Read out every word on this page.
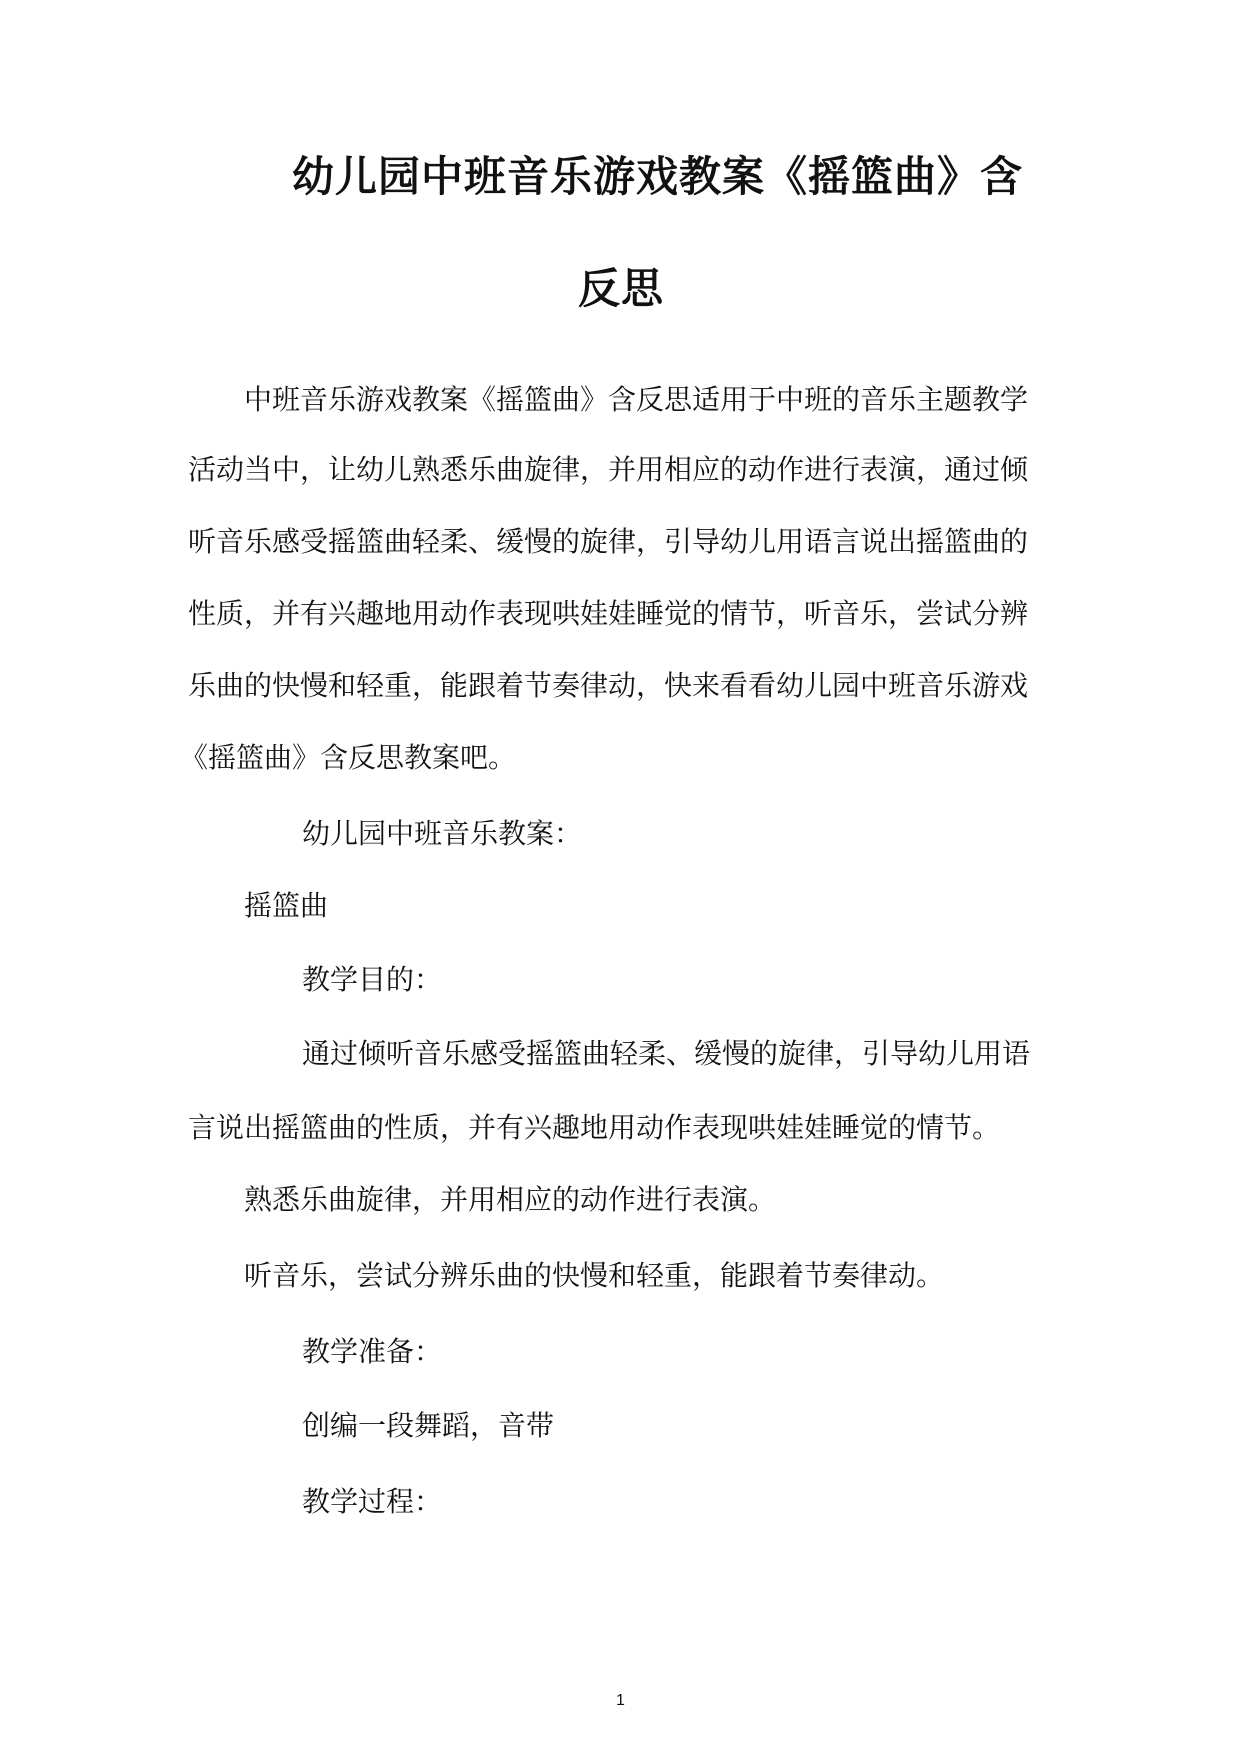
幼儿园中班音乐游戏教案《摇篮曲》含
反思
中班音乐游戏教案《摇篮曲》含反思适用于中班的音乐主题教学
活动当中，让幼儿熟悉乐曲旋律，并用相应的动作进行表演，通过倾
听音乐感受摇篮曲轻柔、缓慢的旋律，引导幼儿用语言说出摇篮曲的
性质，并有兴趣地用动作表现哄娃娃睡觉的情节，听音乐，尝试分辨
乐曲的快慢和轻重，能跟着节奏律动，快来看看幼儿园中班音乐游戏
《摇篮曲》含反思教案吧。
幼儿园中班音乐教案：
摇篮曲
教学目的：
通过倾听音乐感受摇篮曲轻柔、缓慢的旋律，引导幼儿用语
言说出摇篮曲的性质，并有兴趣地用动作表现哄娃娃睡觉的情节。
熟悉乐曲旋律，并用相应的动作进行表演。
听音乐，尝试分辨乐曲的快慢和轻重，能跟着节奏律动。
教学准备：
创编一段舞蹈，音带
教学过程：
1
